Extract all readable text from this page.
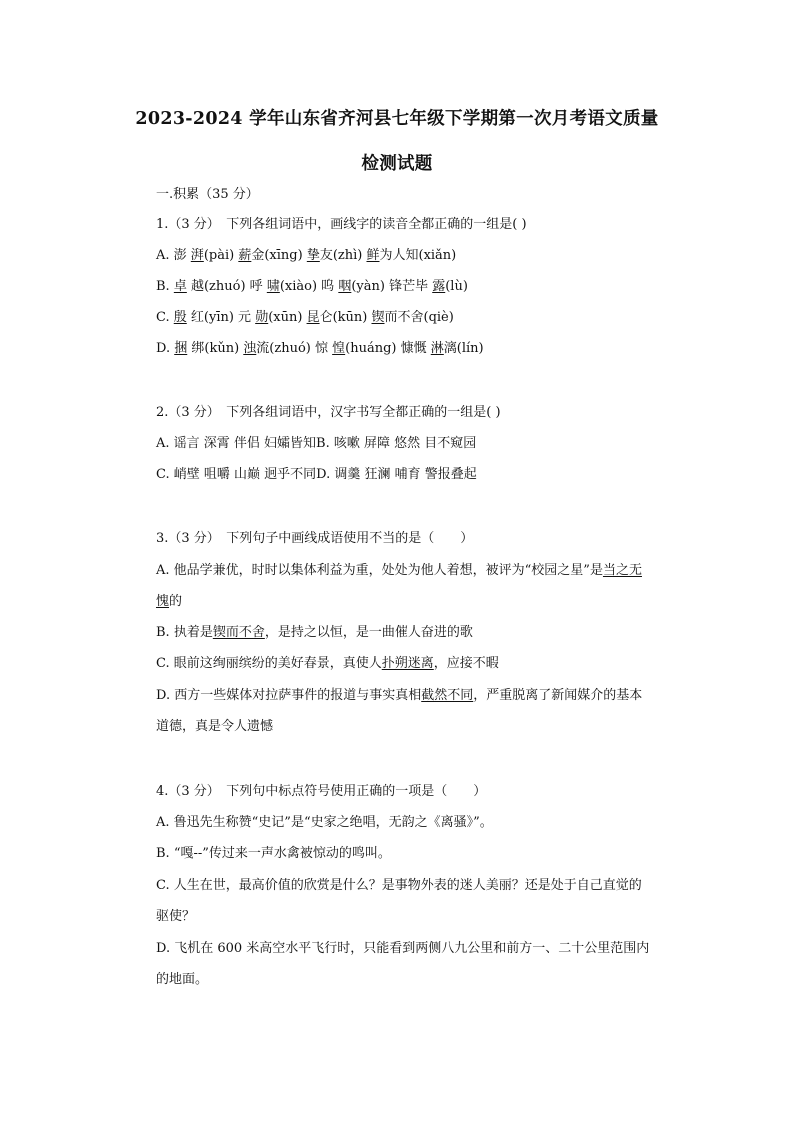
2023-2024 学年山东省齐河县七年级下学期第一次月考语文质量
检测试题
一.积累（35 分）
1.（3 分）　下列各组词语中，画线字的读音全都正确的一组是( )
A. 澎 湃(pài) 薪金(xīng) 挚友(zhì) 鲜为人知(xiǎn)
B. 卓 越(zhuó) 呼 啸(xiào) 呜 咽(yàn) 锋芒毕 露(lù)
C. 殷 红(yīn) 元 勋(xūn) 昆仑(kūn) 锲而不舍(qiè)
D. 捆 绑(kǔn) 浊流(zhuó) 惊 惶(huáng) 慷慨 淋漓(lín)
2.（3 分）　下列各组词语中，汉字书写全都正确的一组是( )
A. 谣言 深霄 伴侣 妇孀皆知B. 咳嗽 屏障 悠然 目不窥园
C. 峭壁 咀嚼 山巅 迥乎不同D. 调羹 狂澜 哺育 警报叠起
3.（3 分）　下列句子中画线成语使用不当的是（　　）
A. 他品学兼优，时时以集体利益为重，处处为他人着想，被评为“校园之星”是当之无
愧的
B. 执着是锲而不舍，是持之以恒，是一曲催人奋进的歌
C. 眼前这绚丽缤纷的美好春景，真使人扑朔迷离，应接不暇
D. 西方一些媒体对拉萨事件的报道与事实真相截然不同，严重脱离了新闻媒介的基本
道德，真是令人遗憾
4.（3 分）　下列句中标点符号使用正确的一项是（　　）
A. 鲁迅先生称赞“史记”是“史家之绝唱，无韵之《离骚》”。
B. “嘎--”传过来一声水禽被惊动的鸣叫。
C. 人生在世，最高价值的欣赏是什么？是事物外表的迷人美丽？还是处于自己直觉的
驱使？
D. 飞机在 600 米高空水平飞行时，只能看到两侧八九公里和前方一、二十公里范围内
的地面。
